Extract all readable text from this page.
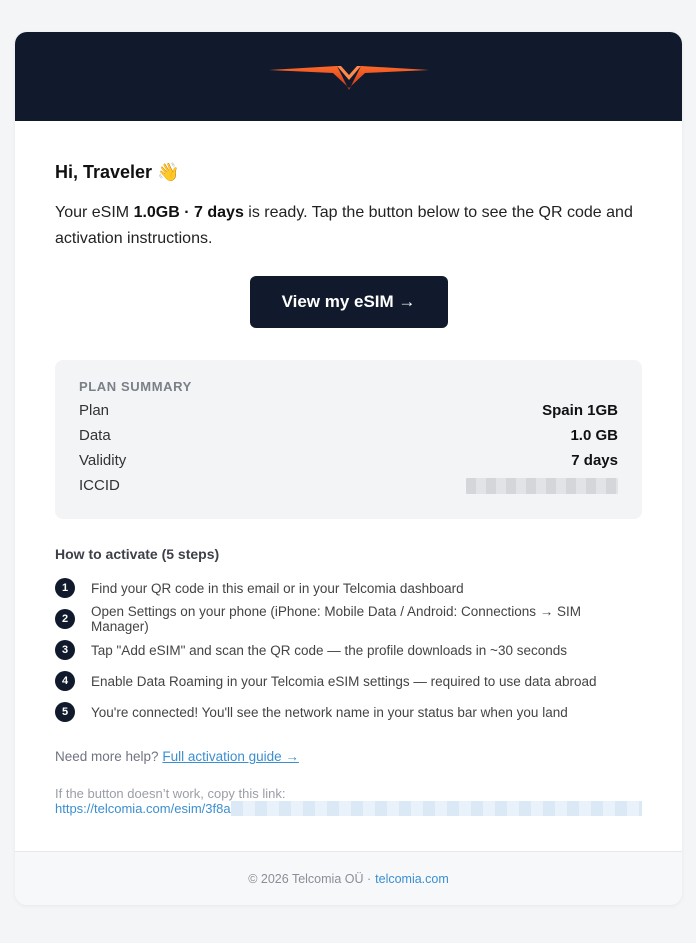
Hi, Traveler 👋

Your eSIM 1.0GB · 7 days is ready. Tap the button below to see the QR code and activation instructions.

View my eSIM →
PLAN SUMMARY
Plan	Spain 1GB
Data	1.0 GB
Validity	7 days
ICCID
How to activate (5 steps)
1	Find your QR code in this email or in your Telcomia dashboard
2	Open Settings on your phone (iPhone: Mobile Data / Android: Connections → SIM Manager)
3	Tap "Add eSIM" and scan the QR code — the profile downloads in ~30 seconds
4	Enable Data Roaming in your Telcomia eSIM settings — required to use data abroad
5	You're connected! You'll see the network name in your status bar when you land

Need more help? Full activation guide →

If the button doesn’t work, copy this link:
https://telcomia.com/esim/3f8a
© 2026 Telcomia OÜ · telcomia.com
